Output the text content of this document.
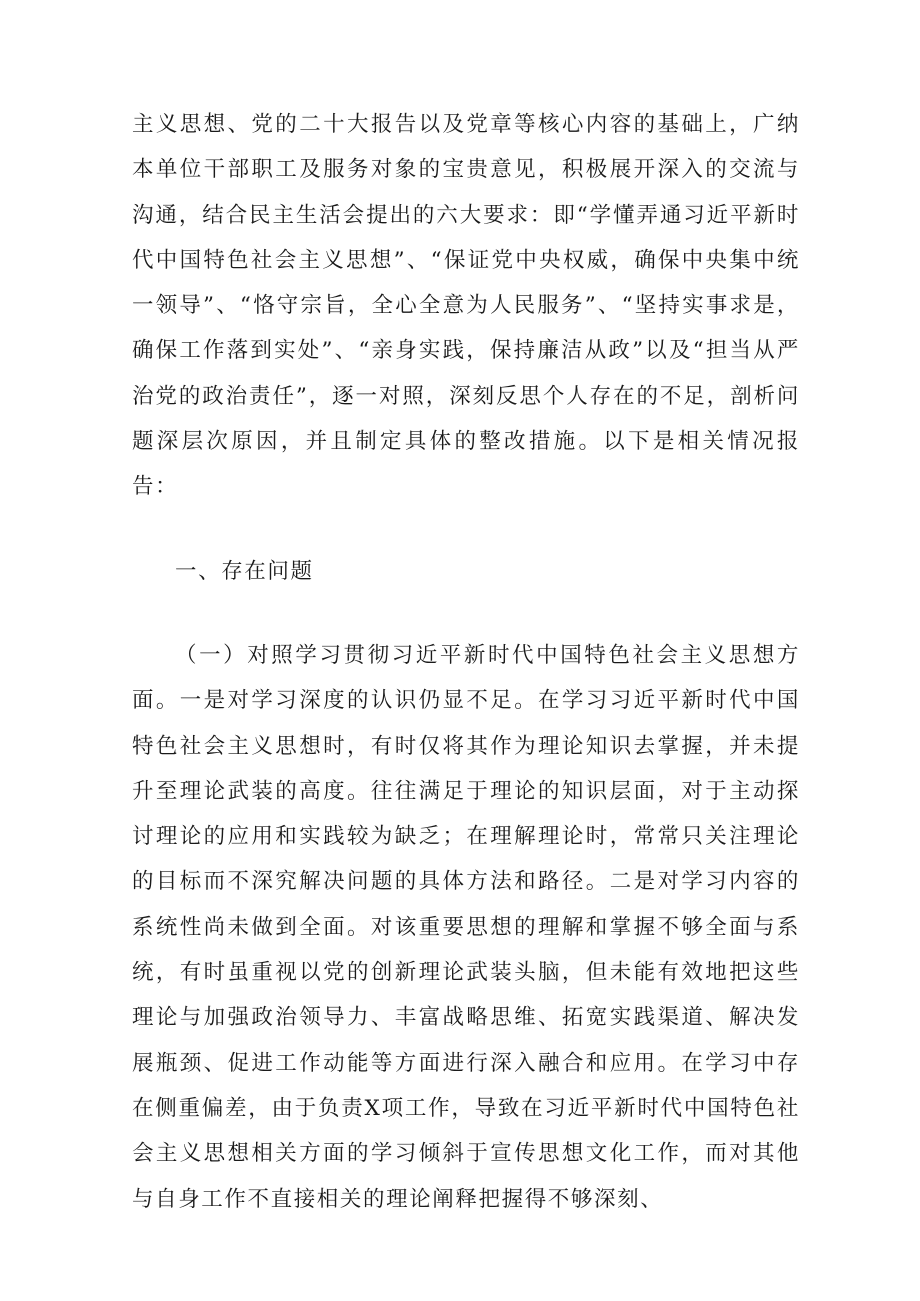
主义思想、党的二十大报告以及党章等核心内容的基础上，广纳本单位干部职工及服务对象的宝贵意见，积极展开深入的交流与沟通，结合民主生活会提出的六大要求：即“学懂弄通习近平新时代中国特色社会主义思想”、“保证党中央权威，确保中央集中统一领导”、“恪守宗旨，全心全意为人民服务”、“坚持实事求是，确保工作落到实处”、“亲身实践，保持廉洁从政”以及“担当从严治党的政治责任”，逐一对照，深刻反思个人存在的不足，剖析问题深层次原因，并且制定具体的整改措施。以下是相关情况报告：

一、存在问题

（一）对照学习贯彻习近平新时代中国特色社会主义思想方面。一是对学习深度的认识仍显不足。在学习习近平新时代中国特色社会主义思想时，有时仅将其作为理论知识去掌握，并未提升至理论武装的高度。往往满足于理论的知识层面，对于主动探讨理论的应用和实践较为缺乏；在理解理论时，常常只关注理论的目标而不深究解决问题的具体方法和路径。二是对学习内容的系统性尚未做到全面。对该重要思想的理解和掌握不够全面与系统，有时虽重视以党的创新理论武装头脑，但未能有效地把这些理论与加强政治领导力、丰富战略思维、拓宽实践渠道、解决发展瓶颈、促进工作动能等方面进行深入融合和应用。在学习中存在侧重偏差，由于负责X项工作，导致在习近平新时代中国特色社会主义思想相关方面的学习倾斜于宣传思想文化工作，而对其他与自身工作不直接相关的理论阐释把握得不够深刻、
